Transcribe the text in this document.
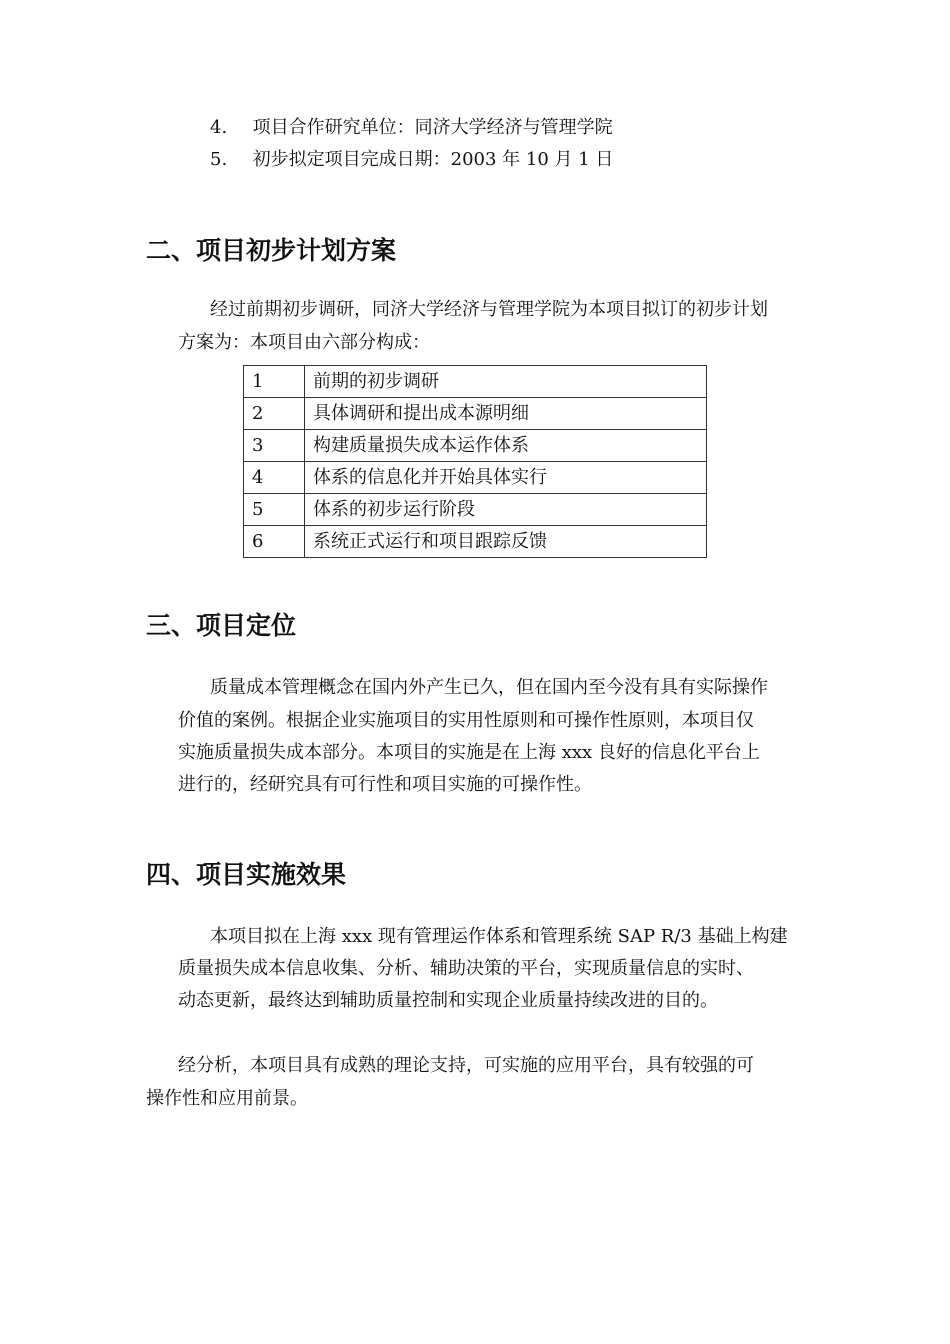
4. 项目合作研究单位：同济大学经济与管理学院

5. 初步拟定项目完成日期：2003 年 10 月 1 日

二、项目初步计划方案

经过前期初步调研，同济大学经济与管理学院为本项目拟订的初步计划

方案为：本项目由六部分构成：

1	前期的初步调研
2	具体调研和提出成本源明细
3	构建质量损失成本运作体系
4	体系的信息化并开始具体实行
5	体系的初步运行阶段
6	系统正式运行和项目跟踪反馈
三、项目定位

质量成本管理概念在国内外产生已久，但在国内至今没有具有实际操作

价值的案例。根据企业实施项目的实用性原则和可操作性原则，本项目仅

实施质量损失成本部分。本项目的实施是在上海 xxx 良好的信息化平台上

进行的，经研究具有可行性和项目实施的可操作性。

四、项目实施效果

本项目拟在上海 xxx 现有管理运作体系和管理系统 SAP R/3 基础上构建

质量损失成本信息收集、分析、辅助决策的平台，实现质量信息的实时、

动态更新，最终达到辅助质量控制和实现企业质量持续改进的目的。

经分析，本项目具有成熟的理论支持，可实施的应用平台，具有较强的可

操作性和应用前景。
